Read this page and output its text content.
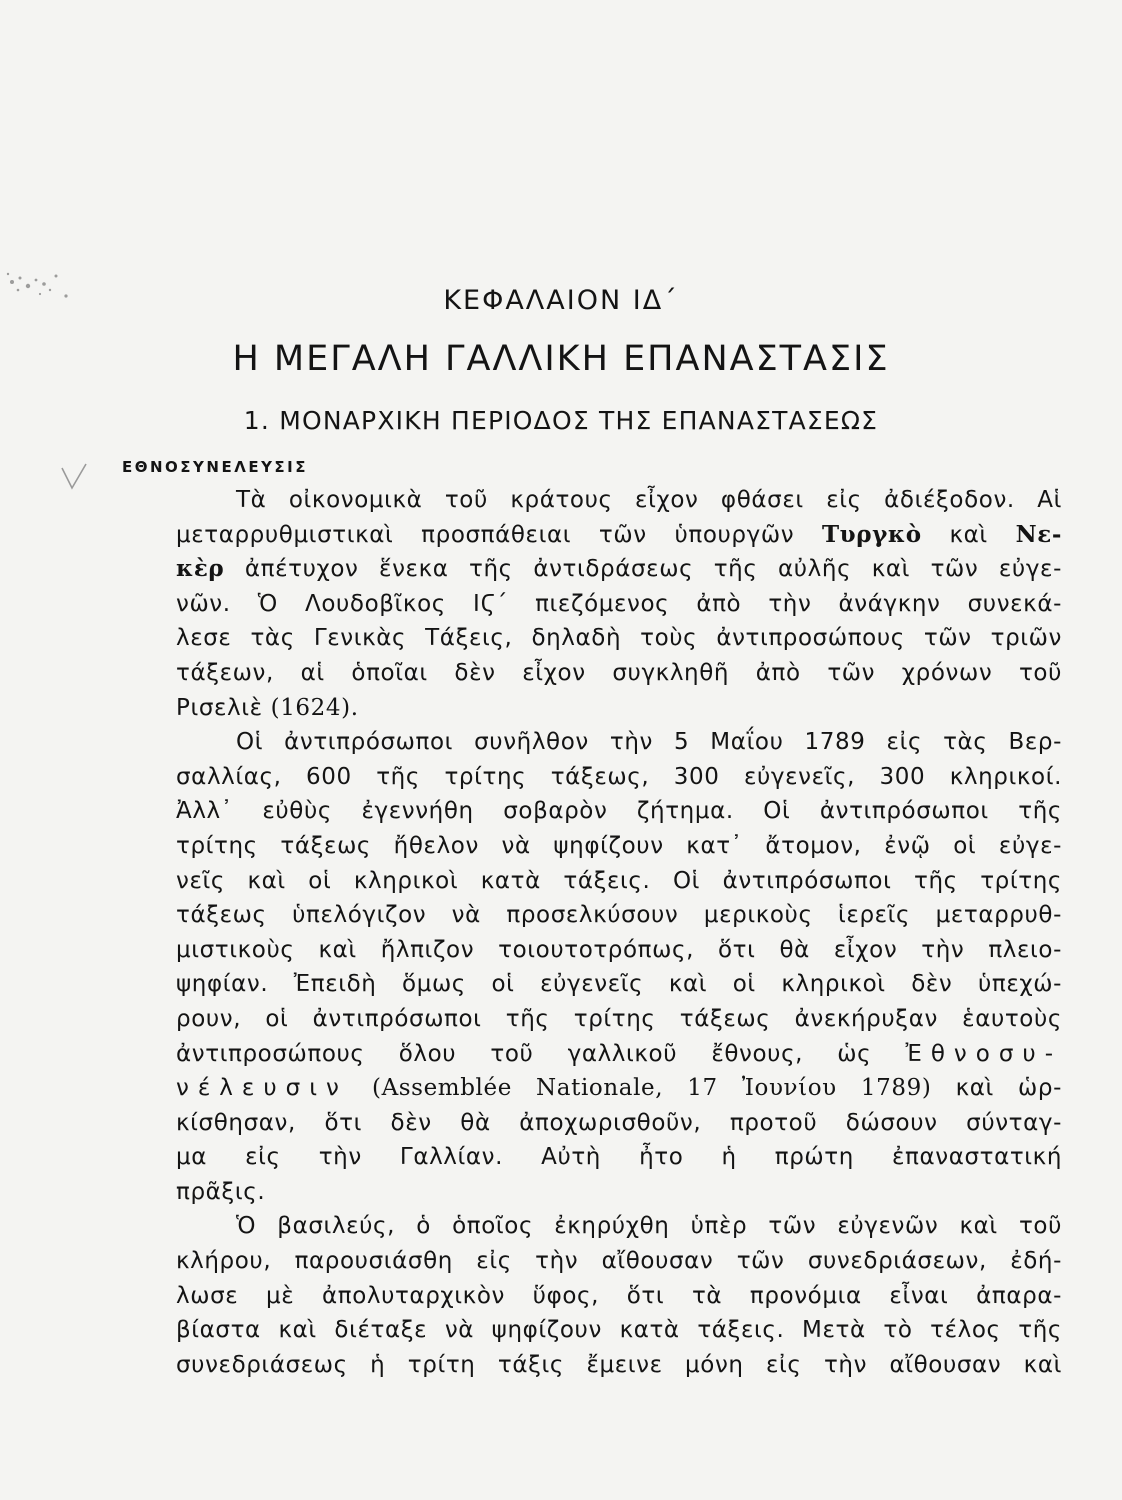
ΚΕΦΑΛΑΙΟΝ ΙΔ΄
Η ΜΕΓΑΛΗ ΓΑΛΛΙΚΗ ΕΠΑΝΑΣΤΑΣΙΣ
1. ΜΟΝΑΡΧΙΚΗ ΠΕΡΙΟΔΟΣ ΤΗΣ ΕΠΑΝΑΣΤΑΣΕΩΣ
ΕΘΝΟΣΥΝΕΛΕΥΣΙΣ
Τὰ οἰκονομικὰ τοῦ κράτους εἶχον φθάσει εἰς ἀδιέξοδον. Αἱ
μεταρρυθμιστικαὶ προσπάθειαι τῶν ὑπουργῶν Τυργκὸ καὶ Νε-
κὲρ ἀπέτυχον ἕνεκα τῆς ἀντιδράσεως τῆς αὐλῆς καὶ τῶν εὐγε-
νῶν. Ὁ Λουδοβῖκος ΙϚ΄ πιεζόμενος ἀπὸ τὴν ἀνάγκην συνεκά-
λεσε τὰς Γενικὰς Τάξεις, δηλαδὴ τοὺς ἀντιπροσώπους τῶν τριῶν
τάξεων, αἱ ὁποῖαι δὲν εἶχον συγκληθῆ ἀπὸ τῶν χρόνων τοῦ
Ρισελιὲ (1624).
Οἱ ἀντιπρόσωποι συνῆλθον τὴν 5 Μαΐου 1789 εἰς τὰς Βερ-
σαλλίας, 600 τῆς τρίτης τάξεως, 300 εὐγενεῖς, 300 κληρικοί.
Ἀλλ᾿ εὐθὺς ἐγεννήθη σοβαρὸν ζήτημα. Οἱ ἀντιπρόσωποι τῆς
τρίτης τάξεως ἤθελον νὰ ψηφίζουν κατ᾿ ἄτομον, ἐνῷ οἱ εὐγε-
νεῖς καὶ οἱ κληρικοὶ κατὰ τάξεις. Οἱ ἀντιπρόσωποι τῆς τρίτης
τάξεως ὑπελόγιζον νὰ προσελκύσουν μερικοὺς ἱερεῖς μεταρρυθ-
μιστικοὺς καὶ ἤλπιζον τοιουτοτρόπως, ὅτι θὰ εἶχον τὴν πλειο-
ψηφίαν. Ἐπειδὴ ὅμως οἱ εὐγενεῖς καὶ οἱ κληρικοὶ δὲν ὑπεχώ-
ρουν, οἱ ἀντιπρόσωποι τῆς τρίτης τάξεως ἀνεκήρυξαν ἑαυτοὺς
ἀντιπροσώπους ὅλου τοῦ γαλλικοῦ ἔθνους, ὡς Ἐθνοσυ-
νέλευσιν (Assemblée Nationale, 17 Ἰουνίου 1789) καὶ ὡρ-
κίσθησαν, ὅτι δὲν θὰ ἀποχωρισθοῦν, προτοῦ δώσουν σύνταγ-
μα εἰς τὴν Γαλλίαν. Αὐτὴ ἦτο ἡ πρώτη ἐπαναστατική
πρᾶξις.
Ὁ βασιλεύς, ὁ ὁποῖος ἐκηρύχθη ὑπὲρ τῶν εὐγενῶν καὶ τοῦ
κλήρου, παρουσιάσθη εἰς τὴν αἴθουσαν τῶν συνεδριάσεων, ἐδή-
λωσε μὲ ἀπολυταρχικὸν ὕφος, ὅτι τὰ προνόμια εἶναι ἀπαρα-
βίαστα καὶ διέταξε νὰ ψηφίζουν κατὰ τάξεις. Μετὰ τὸ τέλος τῆς
συνεδριάσεως ἡ τρίτη τάξις ἔμεινε μόνη εἰς τὴν αἴθουσαν καὶ
